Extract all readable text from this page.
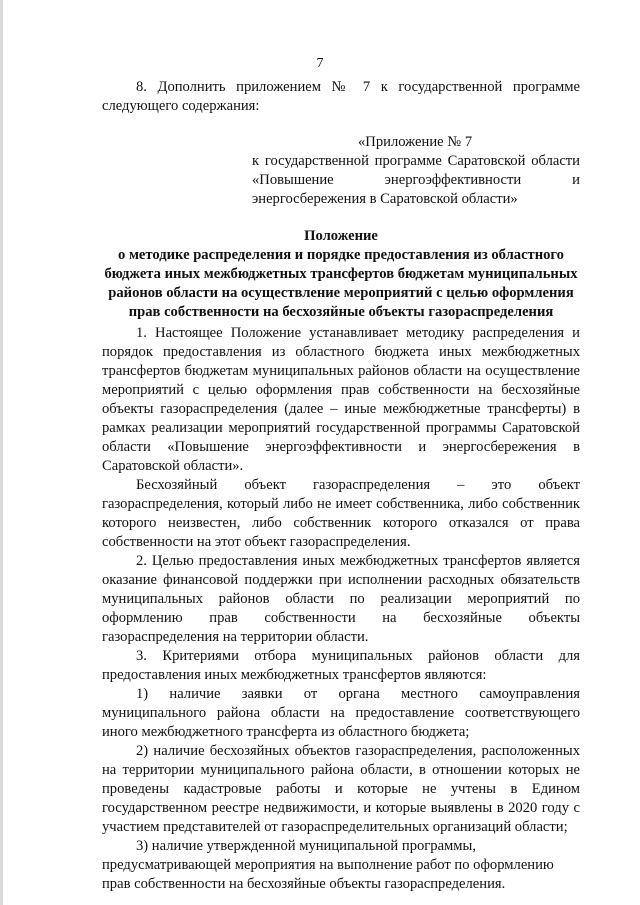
7
8. Дополнить приложением № 7 к государственной программе следующего содержания:
«Приложение № 7
к государственной программе Саратовской области «Повышение энергоэффективности и энергосбережения в Саратовской области»
Положение
о методике распределения и порядке предоставления из областного
бюджета иных межбюджетных трансфертов бюджетам муниципальных
районов области на осуществление мероприятий с целью оформления
прав собственности на бесхозяйные объекты газораспределения

1. Настоящее Положение устанавливает методику распределения и порядок предоставления из областного бюджета иных межбюджетных трансфертов бюджетам муниципальных районов области на осуществление мероприятий с целью оформления прав собственности на бесхозяйные объекты газораспределения (далее – иные межбюджетные трансферты) в рамках реализации мероприятий государственной программы Саратовской области «Повышение энергоэффективности и энергосбережения в Саратовской области».

Бесхозяйный объект газораспределения – это объект газораспределения, который либо не имеет собственника, либо собственник которого неизвестен, либо собственник которого отказался от права собственности на этот объект газораспределения.

2. Целью предоставления иных межбюджетных трансфертов является оказание финансовой поддержки при исполнении расходных обязательств муниципальных районов области по реализации мероприятий по оформлению прав собственности на бесхозяйные объекты газораспределения на территории области.

3. Критериями отбора муниципальных районов области для предоставления иных межбюджетных трансфертов являются:

1) наличие заявки от органа местного самоуправления муниципального района области на предоставление соответствующего иного межбюджетного трансферта из областного бюджета;

2) наличие бесхозяйных объектов газораспределения, расположенных на территории муниципального района области, в отношении которых не проведены кадастровые работы и которые не учтены в Едином государственном реестре недвижимости, и которые выявлены в 2020 году с участием представителей от газораспределительных организаций области;

3) наличие утвержденной муниципальной программы, предусматривающей мероприятия на выполнение работ по оформлению прав собственности на бесхозяйные объекты газораспределения.
